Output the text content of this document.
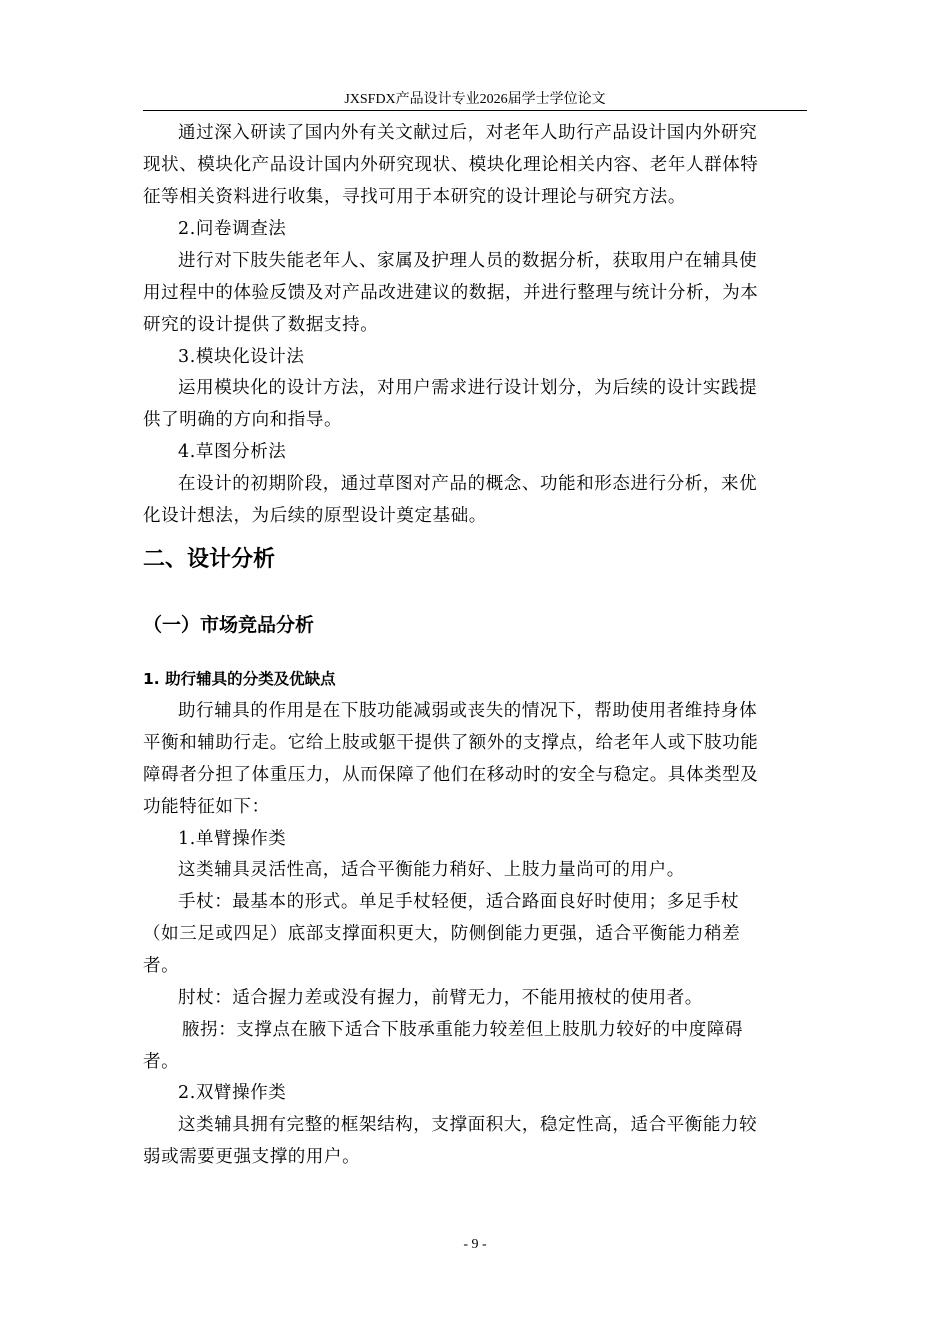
JXSFDX产品设计专业2026届学士学位论文
通过深入研读了国内外有关文献过后，对老年人助行产品设计国内外研究
现状、模块化产品设计国内外研究现状、模块化理论相关内容、老年人群体特
征等相关资料进行收集，寻找可用于本研究的设计理论与研究方法。
2.问卷调查法
进行对下肢失能老年人、家属及护理人员的数据分析，获取用户在辅具使
用过程中的体验反馈及对产品改进建议的数据，并进行整理与统计分析，为本
研究的设计提供了数据支持。
3.模块化设计法
运用模块化的设计方法，对用户需求进行设计划分，为后续的设计实践提
供了明确的方向和指导。
4.草图分析法
在设计的初期阶段，通过草图对产品的概念、功能和形态进行分析，来优
化设计想法，为后续的原型设计奠定基础。
二、设计分析
（一）市场竞品分析
1. 助行辅具的分类及优缺点
助行辅具的作用是在下肢功能减弱或丧失的情况下，帮助使用者维持身体
平衡和辅助行走。它给上肢或躯干提供了额外的支撑点，给老年人或下肢功能
障碍者分担了体重压力，从而保障了他们在移动时的安全与稳定。具体类型及
功能特征如下：
1.单臂操作类
这类辅具灵活性高，适合平衡能力稍好、上肢力量尚可的用户。
手杖：最基本的形式。单足手杖轻便，适合路面良好时使用；多足手杖
（如三足或四足）底部支撑面积更大，防侧倒能力更强，适合平衡能力稍差
者。
肘杖：适合握力差或没有握力，前臂无力，不能用掖杖的使用者。
腋拐：支撑点在腋下适合下肢承重能力较差但上肢肌力较好的中度障碍
者。
2.双臂操作类
这类辅具拥有完整的框架结构，支撑面积大，稳定性高，适合平衡能力较
弱或需要更强支撑的用户。
- 9 -
